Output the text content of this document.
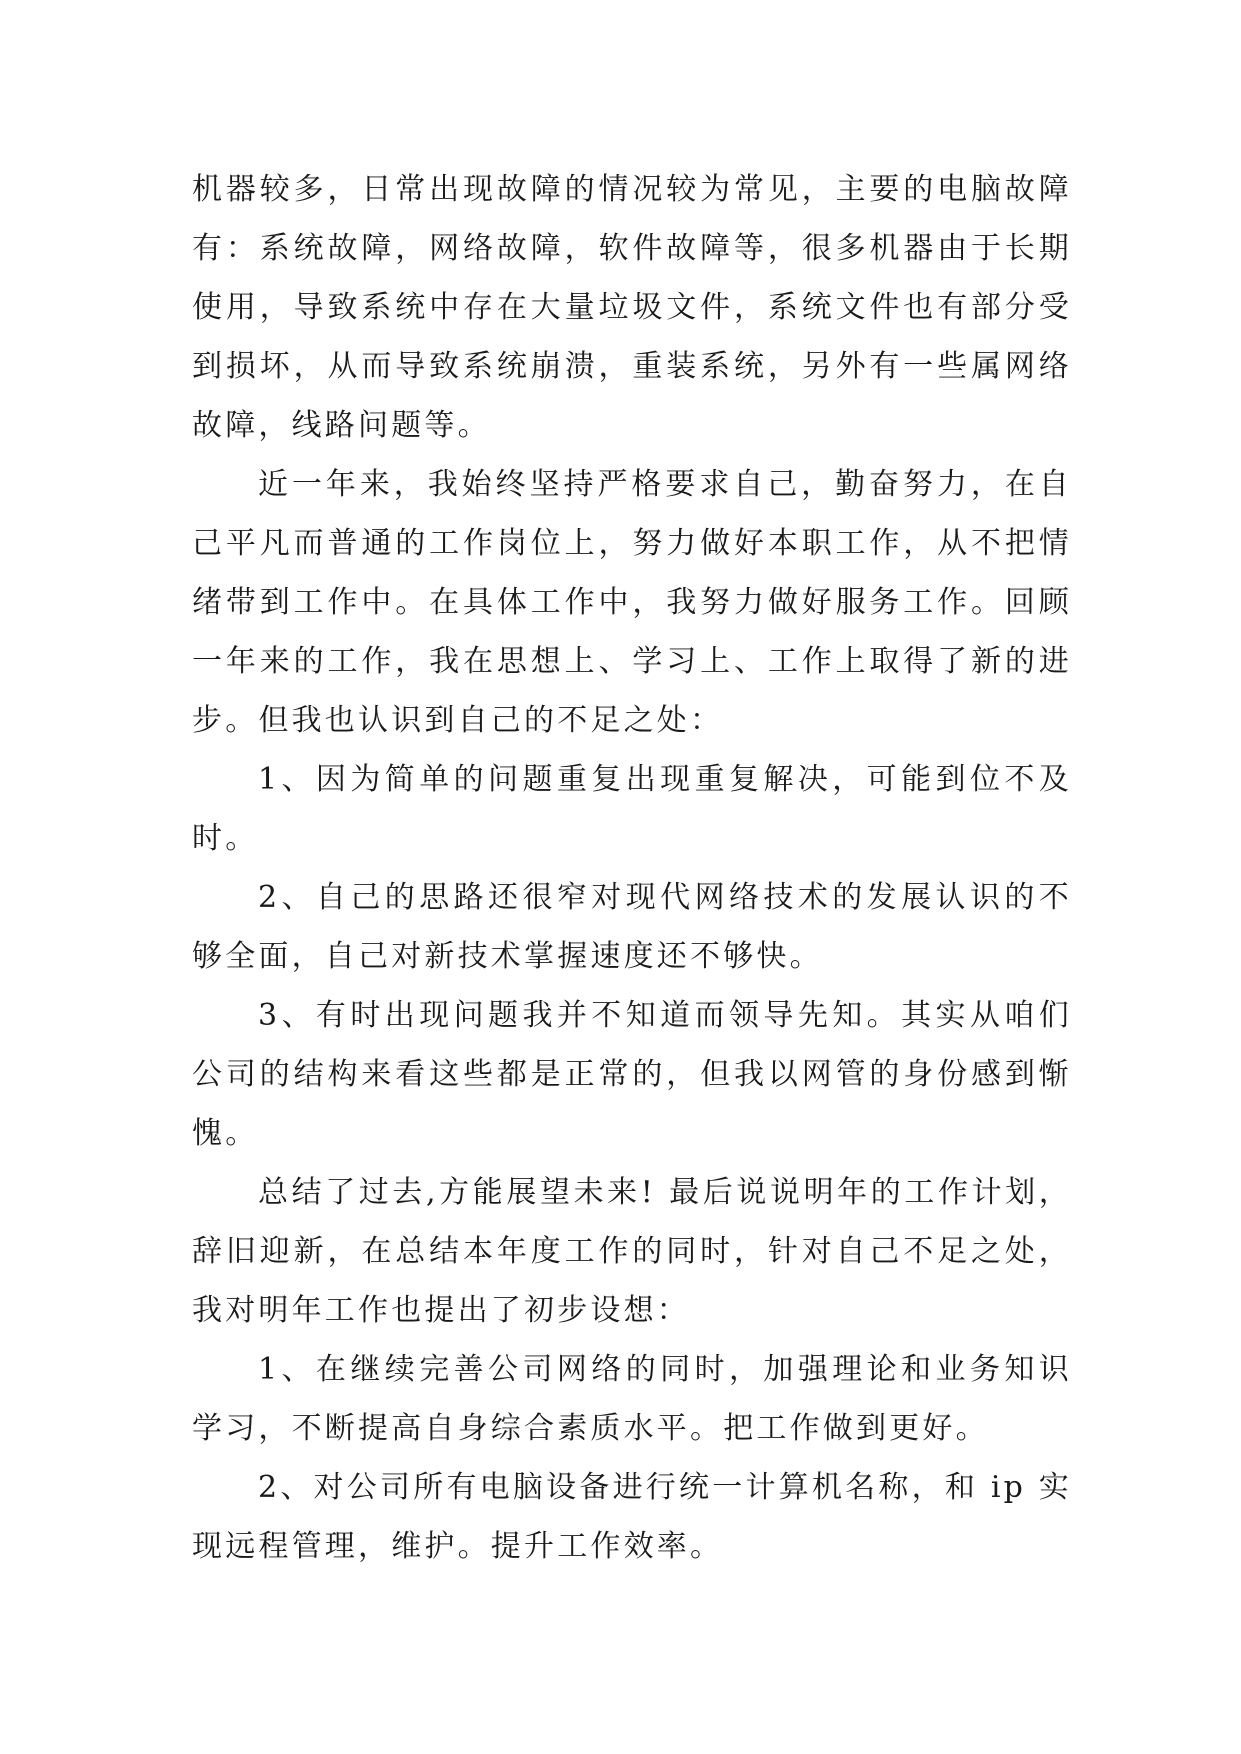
机器较多，日常出现故障的情况较为常见，主要的电脑故障有：系统故障，网络故障，软件故障等，很多机器由于长期使用，导致系统中存在大量垃圾文件，系统文件也有部分受到损坏，从而导致系统崩溃，重装系统，另外有一些属网络故障，线路问题等。

近一年来，我始终坚持严格要求自己，勤奋努力，在自己平凡而普通的工作岗位上，努力做好本职工作，从不把情绪带到工作中。在具体工作中，我努力做好服务工作。回顾一年来的工作，我在思想上、学习上、工作上取得了新的进步。但我也认识到自己的不足之处：

1、因为简单的问题重复出现重复解决，可能到位不及时。

2、自己的思路还很窄对现代网络技术的发展认识的不够全面，自己对新技术掌握速度还不够快。

3、有时出现问题我并不知道而领导先知。其实从咱们公司的结构来看这些都是正常的，但我以网管的身份感到惭愧。

总结了过去,方能展望未来! 最后说说明年的工作计划，辞旧迎新，在总结本年度工作的同时，针对自己不足之处，我对明年工作也提出了初步设想：

1、在继续完善公司网络的同时，加强理论和业务知识学习，不断提高自身综合素质水平。把工作做到更好。

2、对公司所有电脑设备进行统一计算机名称，和 ip 实现远程管理，维护。提升工作效率。
